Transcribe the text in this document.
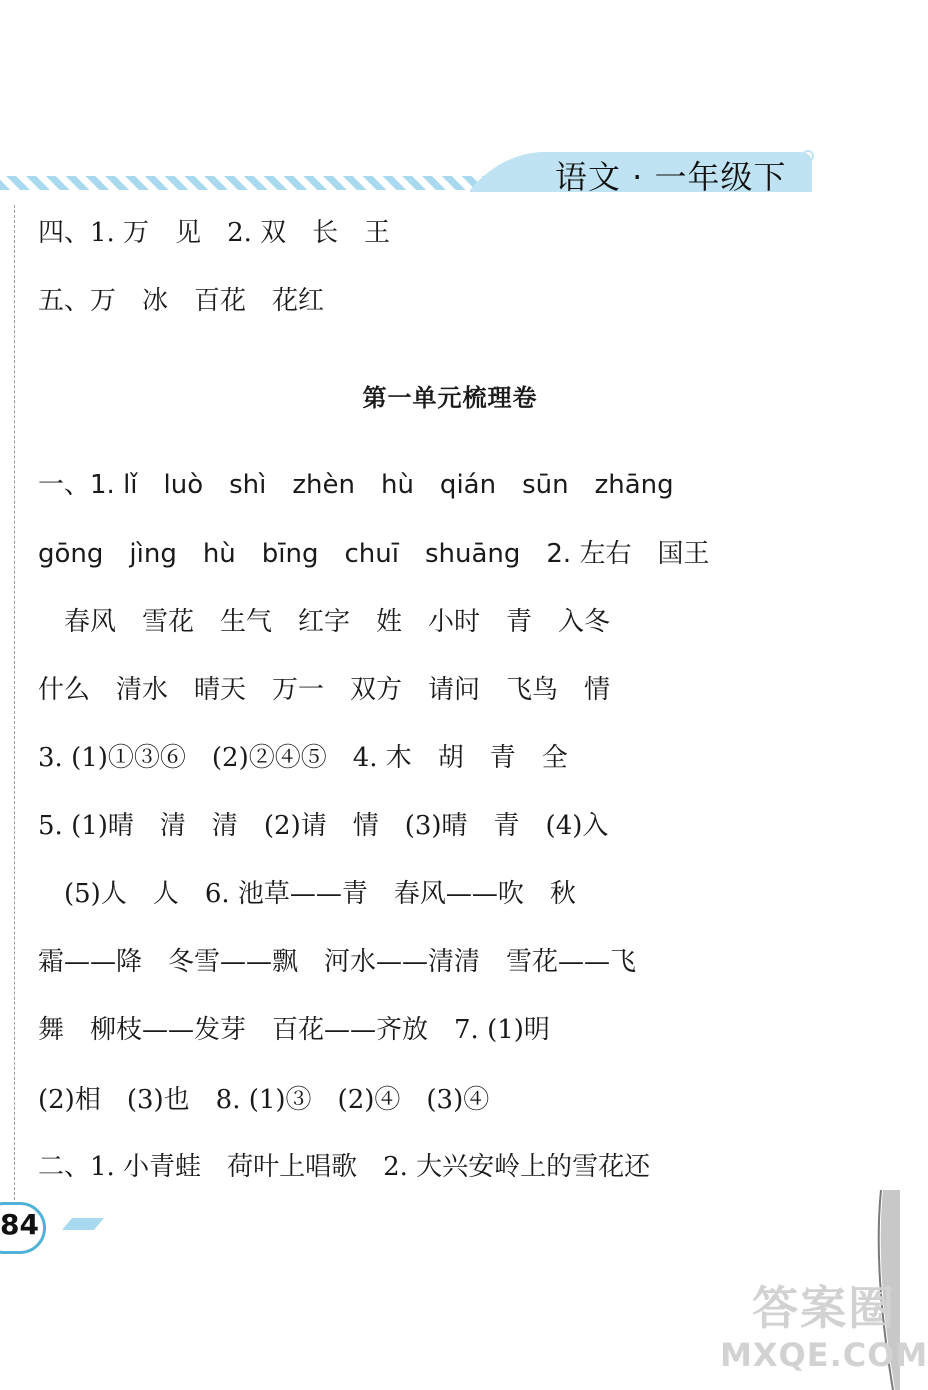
语文 · 一年级下
四、1. 万　见　2. 双　长　王
五、万　冰　百花　花红
第一单元梳理卷
一、1. lǐ　luò　shì　zhèn　hù　qián　sūn　zhāng
gōng　jìng　hù　bīng　chuī　shuāng　2. 左右　国王
　春风　雪花　生气　红字　姓　小时　青　入冬
什么　清水　晴天　万一　双方　请问　飞鸟　情
3. (1)①③⑥　(2)②④⑤　4. 木　胡　青　全
5. (1)晴　清　清　(2)请　情　(3)晴　青　(4)入
　(5)人　人　6. 池草——青　春风——吹　秋
霜——降　冬雪——飘　河水——清清　雪花——飞
舞　柳枝——发芽　百花——齐放　7. (1)明
(2)相　(3)也　8. (1)③　(2)④　(3)④
二、1. 小青蛙　荷叶上唱歌　2. 大兴安岭上的雪花还
84
答案圈
MXQE.COM
